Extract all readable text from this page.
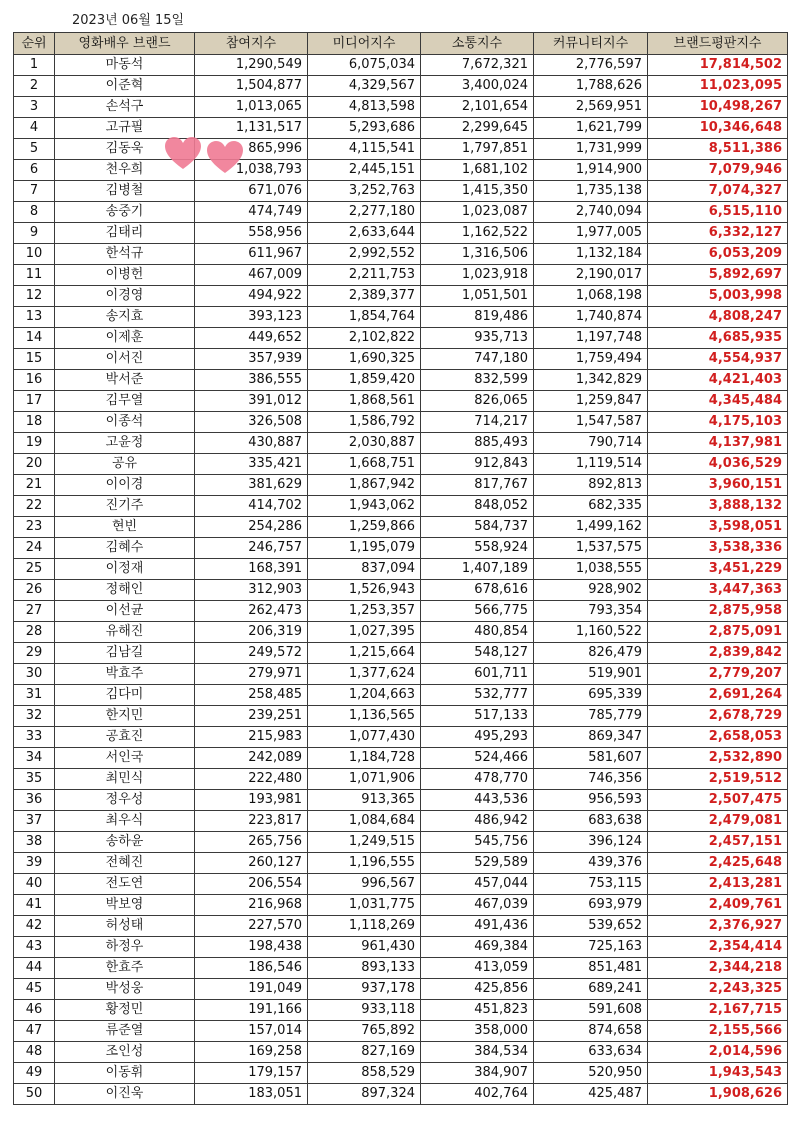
2023년 06월 15일
순위	영화배우 브랜드	참여지수	미디어지수	소통지수	커뮤니티지수	브랜드평판지수
1	마동석	1,290,549	6,075,034	7,672,321	2,776,597	17,814,502
2	이준혁	1,504,877	4,329,567	3,400,024	1,788,626	11,023,095
3	손석구	1,013,065	4,813,598	2,101,654	2,569,951	10,498,267
4	고규필	1,131,517	5,293,686	2,299,645	1,621,799	10,346,648
5	김동욱	865,996	4,115,541	1,797,851	1,731,999	8,511,386
6	천우희	1,038,793	2,445,151	1,681,102	1,914,900	7,079,946
7	김병철	671,076	3,252,763	1,415,350	1,735,138	7,074,327
8	송중기	474,749	2,277,180	1,023,087	2,740,094	6,515,110
9	김태리	558,956	2,633,644	1,162,522	1,977,005	6,332,127
10	한석규	611,967	2,992,552	1,316,506	1,132,184	6,053,209
11	이병헌	467,009	2,211,753	1,023,918	2,190,017	5,892,697
12	이경영	494,922	2,389,377	1,051,501	1,068,198	5,003,998
13	송지효	393,123	1,854,764	819,486	1,740,874	4,808,247
14	이제훈	449,652	2,102,822	935,713	1,197,748	4,685,935
15	이서진	357,939	1,690,325	747,180	1,759,494	4,554,937
16	박서준	386,555	1,859,420	832,599	1,342,829	4,421,403
17	김무열	391,012	1,868,561	826,065	1,259,847	4,345,484
18	이종석	326,508	1,586,792	714,217	1,547,587	4,175,103
19	고윤정	430,887	2,030,887	885,493	790,714	4,137,981
20	공유	335,421	1,668,751	912,843	1,119,514	4,036,529
21	이이경	381,629	1,867,942	817,767	892,813	3,960,151
22	진기주	414,702	1,943,062	848,052	682,335	3,888,132
23	현빈	254,286	1,259,866	584,737	1,499,162	3,598,051
24	김혜수	246,757	1,195,079	558,924	1,537,575	3,538,336
25	이정재	168,391	837,094	1,407,189	1,038,555	3,451,229
26	정해인	312,903	1,526,943	678,616	928,902	3,447,363
27	이선균	262,473	1,253,357	566,775	793,354	2,875,958
28	유해진	206,319	1,027,395	480,854	1,160,522	2,875,091
29	김남길	249,572	1,215,664	548,127	826,479	2,839,842
30	박효주	279,971	1,377,624	601,711	519,901	2,779,207
31	김다미	258,485	1,204,663	532,777	695,339	2,691,264
32	한지민	239,251	1,136,565	517,133	785,779	2,678,729
33	공효진	215,983	1,077,430	495,293	869,347	2,658,053
34	서인국	242,089	1,184,728	524,466	581,607	2,532,890
35	최민식	222,480	1,071,906	478,770	746,356	2,519,512
36	정우성	193,981	913,365	443,536	956,593	2,507,475
37	최우식	223,817	1,084,684	486,942	683,638	2,479,081
38	송하윤	265,756	1,249,515	545,756	396,124	2,457,151
39	전혜진	260,127	1,196,555	529,589	439,376	2,425,648
40	전도연	206,554	996,567	457,044	753,115	2,413,281
41	박보영	216,968	1,031,775	467,039	693,979	2,409,761
42	허성태	227,570	1,118,269	491,436	539,652	2,376,927
43	하정우	198,438	961,430	469,384	725,163	2,354,414
44	한효주	186,546	893,133	413,059	851,481	2,344,218
45	박성웅	191,049	937,178	425,856	689,241	2,243,325
46	황정민	191,166	933,118	451,823	591,608	2,167,715
47	류준열	157,014	765,892	358,000	874,658	2,155,566
48	조인성	169,258	827,169	384,534	633,634	2,014,596
49	이동휘	179,157	858,529	384,907	520,950	1,943,543
50	이진욱	183,051	897,324	402,764	425,487	1,908,626
